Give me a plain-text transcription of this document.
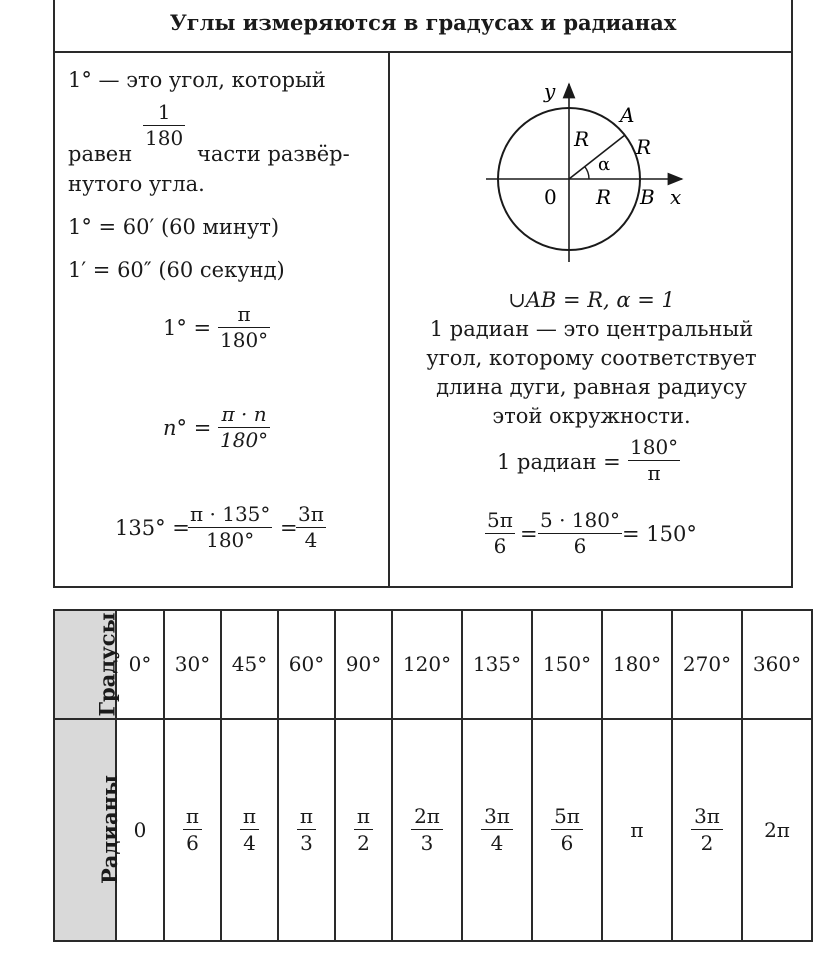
Углы измеряются в градусах и радианах
1° — это угол, который
равен
$\frac{1}{180}$
части развёр-
нутого угла.
1° = 60′ (60 минут)
1′ = 60″ (60 секунд)
$1^\circ = \frac{\pi}{180^\circ}$
$n^\circ = \frac{\pi \cdot n}{180^\circ}$
135° =
$\frac{\pi \cdot 135^\circ}{180^\circ}$ =
$\frac{3\pi}{4}$
y
x
0
A
B
R R
R
α
∪AB = R, α = 1
1 радиан — это центральный
угол, которому соответствует
длина дуги, равная радиусу
этой окружности.
1 радиан = $\frac{180^\circ}{\pi}$
$\frac{5\pi}{6} = \frac{5 \cdot 180^\circ}{6} = 150^\circ$
Градусы	0°	30°	45°	60°	90°	120°	135°	150°	180°	270°	360°
Радианы	0	$\frac{\pi}{6}$	$\frac{\pi}{4}$	$\frac{\pi}{3}$	$\frac{\pi}{2}$	$\frac{2\pi}{3}$	$\frac{3\pi}{4}$	$\frac{5\pi}{6}$	π	$\frac{3\pi}{2}$	2π
